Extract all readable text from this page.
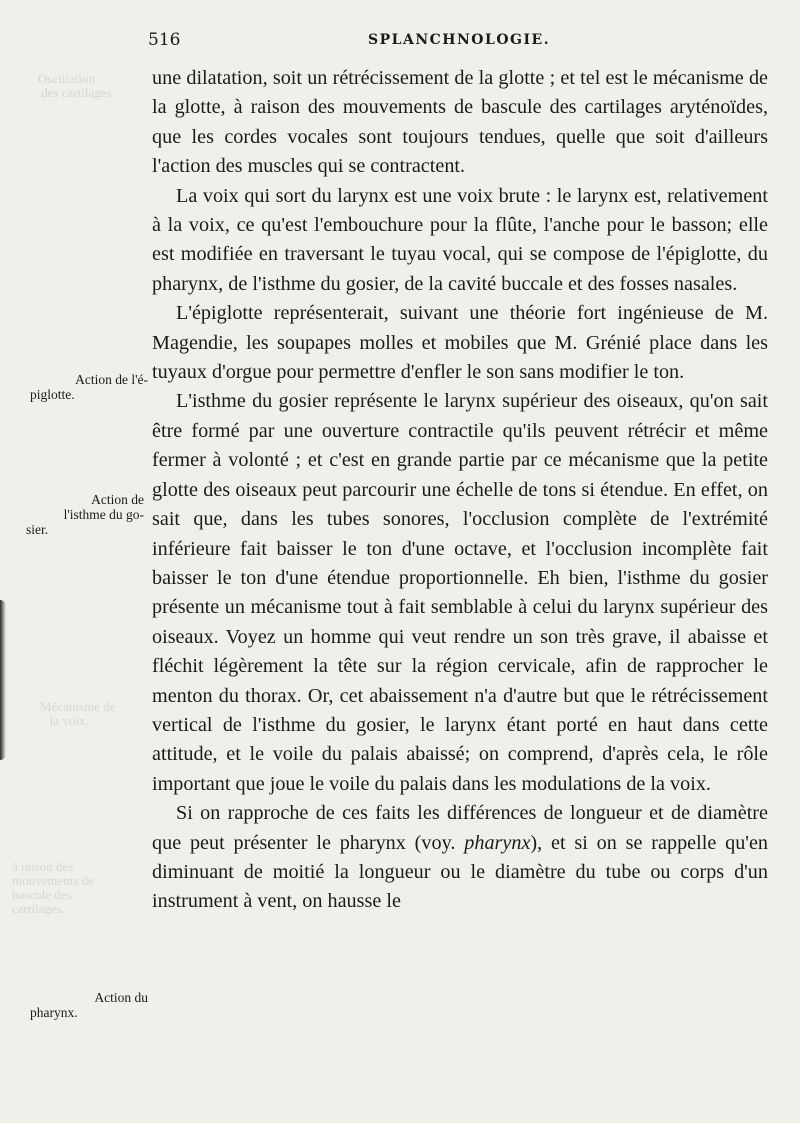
Oscillation
des cartilages.
Mécanisme de
la voix.
à raison des
mouvements de
bascule des
cartilages.
516	SPLANCHNOLOGIE.
Action de l'é-

piglotte.
Action de
l'isthme du go-

sier.
Action du

pharynx.

une dilatation, soit un rétrécissement de la glotte ; et tel est le mécanisme de la glotte, à raison des mouvements de bascule des cartilages aryténoïdes, que les cordes vocales sont toujours tendues, quelle que soit d'ailleurs l'action des muscles qui se contractent.

La voix qui sort du larynx est une voix brute : le larynx est, relativement à la voix, ce qu'est l'embouchure pour la flûte, l'anche pour le basson; elle est modifiée en traversant le tuyau vocal, qui se compose de l'épiglotte, du pharynx, de l'isthme du gosier, de la cavité buccale et des fosses nasales.

L'épiglotte représenterait, suivant une théorie fort ingénieuse de M. Magendie, les soupapes molles et mobiles que M. Grénié place dans les tuyaux d'orgue pour permettre d'enfler le son sans modifier le ton.

L'isthme du gosier représente le larynx supérieur des oiseaux, qu'on sait être formé par une ouverture contractile qu'ils peuvent rétrécir et même fermer à volonté ; et c'est en grande partie par ce mécanisme que la petite glotte des oiseaux peut parcourir une échelle de tons si étendue. En effet, on sait que, dans les tubes sonores, l'occlusion complète de l'extrémité inférieure fait baisser le ton d'une octave, et l'occlusion incomplète fait baisser le ton d'une étendue proportionnelle. Eh bien, l'isthme du gosier présente un mécanisme tout à fait semblable à celui du larynx supérieur des oiseaux. Voyez un homme qui veut rendre un son très grave, il abaisse et fléchit légèrement la tête sur la région cervicale, afin de rapprocher le menton du thorax. Or, cet abaissement n'a d'autre but que le rétrécissement vertical de l'isthme du gosier, le larynx étant porté en haut dans cette attitude, et le voile du palais abaissé; on comprend, d'après cela, le rôle important que joue le voile du palais dans les modulations de la voix.

Si on rapproche de ces faits les différences de longueur et de diamètre que peut présenter le pharynx (voy. pharynx), et si on se rappelle qu'en diminuant de moitié la longueur ou le diamètre du tube ou corps d'un instrument à vent, on hausse le
